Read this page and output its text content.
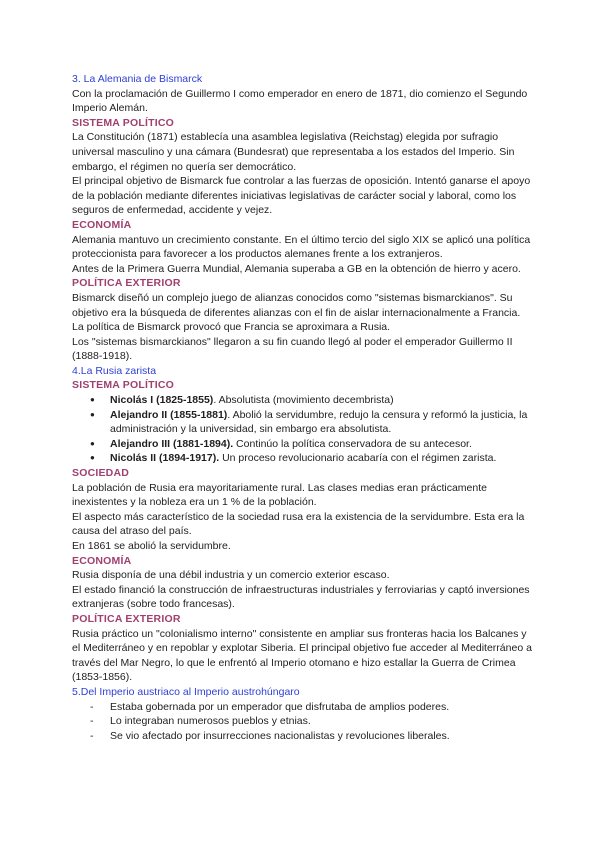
3. La Alemania de Bismarck

Con la proclamación de Guillermo I como emperador en enero de 1871, dio comienzo el Segundo Imperio Alemán.

SISTEMA POLÍTICO

La Constitución (1871) establecía una asamblea legislativa (Reichstag) elegida por sufragio universal masculino y una cámara (Bundesrat) que representaba a los estados del Imperio. Sin embargo, el régimen no quería ser democrático.

El principal objetivo de Bismarck fue controlar a las fuerzas de oposición. Intentó ganarse el apoyo de la población mediante diferentes iniciativas legislativas de carácter social y laboral, como los seguros de enfermedad, accidente y vejez.

ECONOMÍA

Alemania mantuvo un crecimiento constante. En el último tercio del siglo XIX se aplicó una política proteccionista para favorecer a los productos alemanes frente a los extranjeros.

Antes de la Primera Guerra Mundial, Alemania superaba a GB en la obtención de hierro y acero.

POLÍTICA EXTERIOR

Bismarck diseñó un complejo juego de alianzas conocidos como "sistemas bismarckianos". Su objetivo era la búsqueda de diferentes alianzas con el fin de aislar internacionalmente a Francia.

La política de Bismarck provocó que Francia se aproximara a Rusia.

Los "sistemas bismarckianos" llegaron a su fin cuando llegó al poder el emperador Guillermo II (1888-1918).

4.La Rusia zarista
SISTEMA POLÍTICO
● Nicolás I (1825-1855). Absolutista (movimiento decembrista)
● Alejandro II (1855-1881). Abolió la servidumbre, redujo la censura y reformó la justicia, la administración y la universidad, sin embargo era absolutista.
● Alejandro III (1881-1894). Continúo la política conservadora de su antecesor.
● Nicolás II (1894-1917). Un proceso revolucionario acabaría con el régimen zarista.
SOCIEDAD

La población de Rusia era mayoritariamente rural. Las clases medias eran prácticamente inexistentes y la nobleza era un 1 % de la población.

El aspecto más característico de la sociedad rusa era la existencia de la servidumbre. Esta era la causa del atraso del país.

En 1861 se abolió la servidumbre.

ECONOMÍA

Rusia disponía de una débil industria y un comercio exterior escaso.

El estado financió la construcción de infraestructuras industriales y ferroviarias y captó inversiones extranjeras (sobre todo francesas).

POLÍTICA EXTERIOR

Rusia práctico un "colonialismo interno" consistente en ampliar sus fronteras hacia los Balcanes y el Mediterráneo y en repoblar y explotar Siberia. El principal objetivo fue acceder al Mediterráneo a través del Mar Negro, lo que le enfrentó al Imperio otomano e hizo estallar la Guerra de Crimea (1853-1856).

5.Del Imperio austriaco al Imperio austrohúngaro
- Estaba gobernada por un emperador que disfrutaba de amplios poderes.
- Lo integraban numerosos pueblos y etnias.
- Se vio afectado por insurrecciones nacionalistas y revoluciones liberales.
